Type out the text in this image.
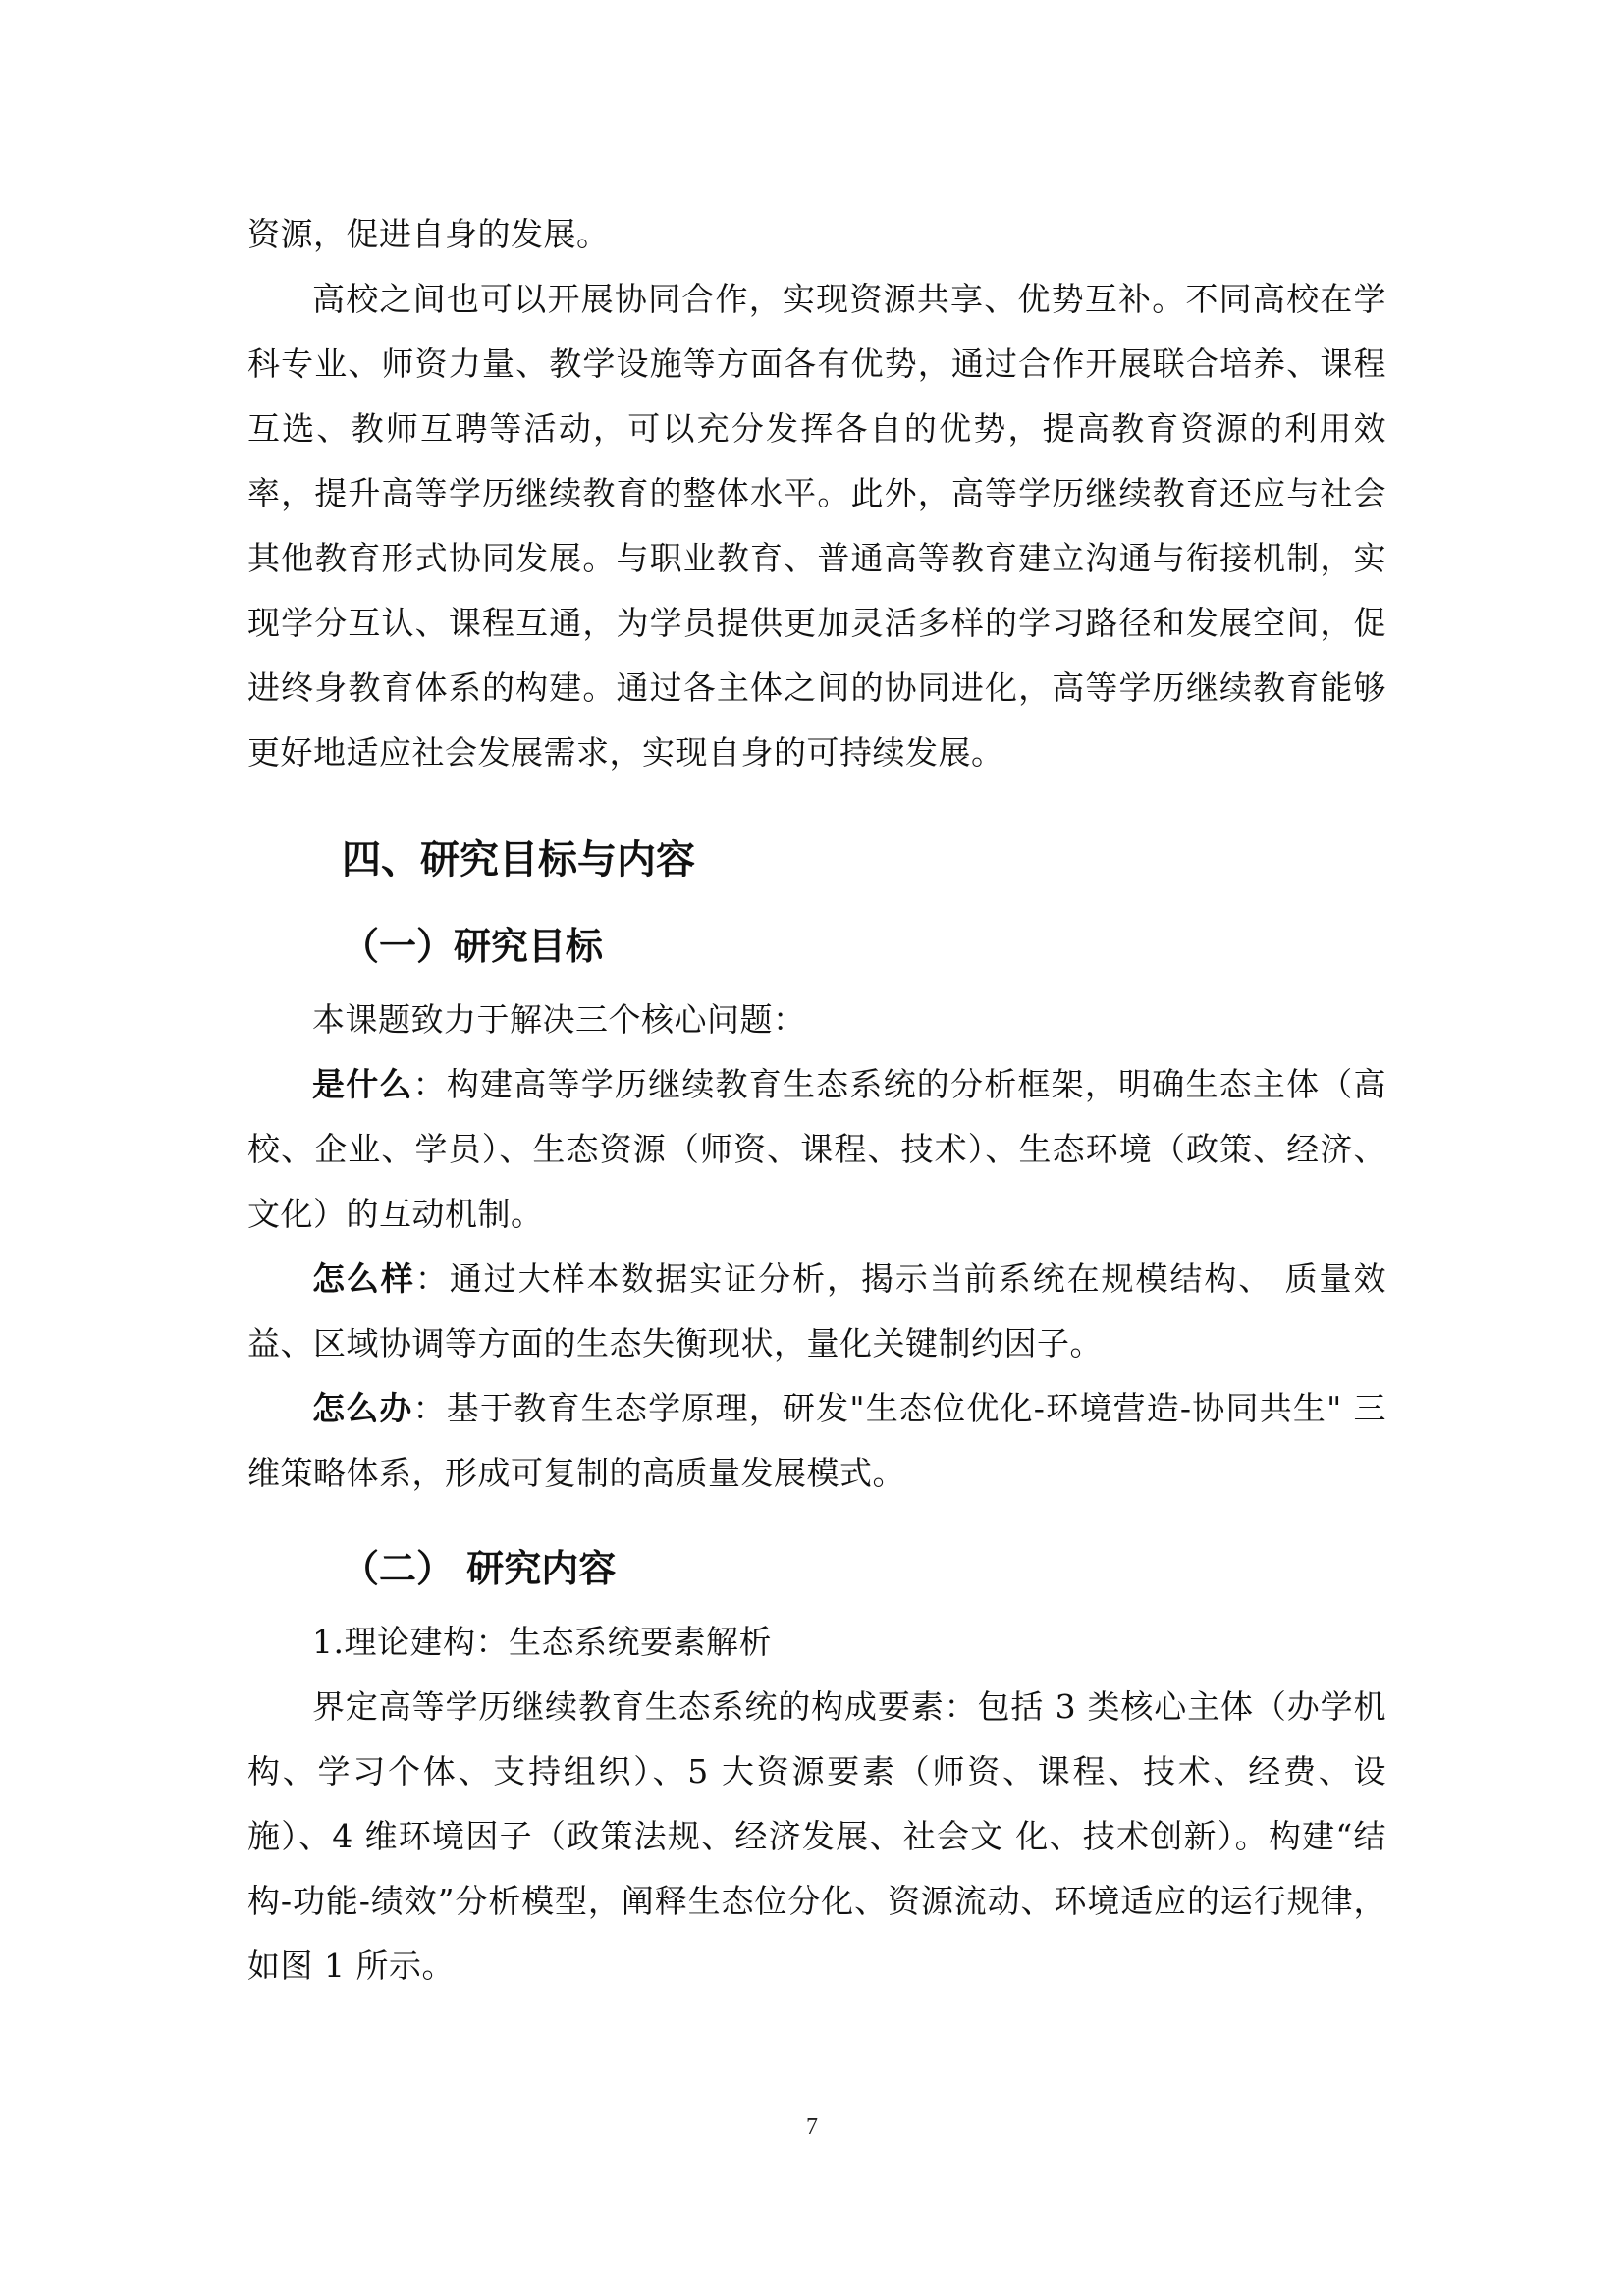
资源，促进自身的发展。

高校之间也可以开展协同合作，实现资源共享、优势互补。不同高校在学科专业、师资力量、教学设施等方面各有优势，通过合作开展联合培养、课程互选、教师互聘等活动，可以充分发挥各自的优势，提高教育资源的利用效率，提升高等学历继续教育的整体水平。此外，高等学历继续教育还应与社会其他教育形式协同发展。与职业教育、普通高等教育建立沟通与衔接机制，实现学分互认、课程互通，为学员提供更加灵活多样的学习路径和发展空间，促进终身教育体系的构建。通过各主体之间的协同进化，高等学历继续教育能够更好地适应社会发展需求，实现自身的可持续发展。

四、研究目标与内容
（一）研究目标

本课题致力于解决三个核心问题：

是什么：构建高等学历继续教育生态系统的分析框架，明确生态主体（高校、企业、学员）、生态资源（师资、课程、技术）、生态环境（政策、经济、文化）的互动机制。

怎么样：通过大样本数据实证分析，揭示当前系统在规模结构、 质量效益、区域协调等方面的生态失衡现状，量化关键制约因子。

怎么办：基于教育生态学原理，研发"生态位优化-环境营造-协同共生" 三维策略体系，形成可复制的高质量发展模式。

（二） 研究内容

1.理论建构：生态系统要素解析

界定高等学历继续教育生态系统的构成要素：包括 3 类核心主体（办学机构、学习个体、支持组织）、5 大资源要素（师资、课程、技术、经费、设施）、4 维环境因子（政策法规、经济发展、社会文 化、技术创新）。构建“结构-功能-绩效”分析模型，阐释生态位分化、资源流动、环境适应的运行规律，如图 1 所示。

7
